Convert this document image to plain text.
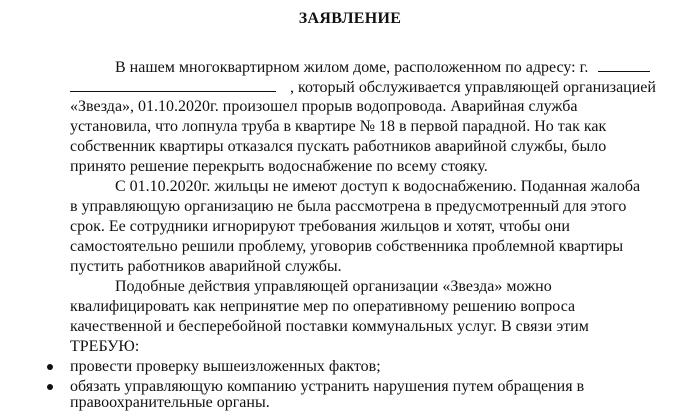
ЗАЯВЛЕНИЕ
В нашем многоквартирном жилом доме, расположенном по адресу: г.
, который обслуживается управляющей организацией
«Звезда», 01.10.2020г. произошел прорыв водопровода. Аварийная служба
установила, что лопнула труба в квартире № 18 в первой парадной. Но так как
собственник квартиры отказался пускать работников аварийной службы, было
принято решение перекрыть водоснабжение по всему стояку.
С 01.10.2020г. жильцы не имеют доступ к водоснабжению. Поданная жалоба
в управляющую организацию не была рассмотрена в предусмотренный для этого
срок. Ее сотрудники игнорируют требования жильцов и хотят, чтобы они
самостоятельно решили проблему, уговорив собственника проблемной квартиры
пустить работников аварийной службы.
Подобные действия управляющей организации «Звезда» можно
квалифицировать как непринятие мер по оперативному решению вопроса
качественной и бесперебойной поставки коммунальных услуг. В связи этим
ТРЕБУЮ:
провести проверку вышеизложенных фактов;
обязать управляющую компанию устранить нарушения путем обращения в
правоохранительные органы.
